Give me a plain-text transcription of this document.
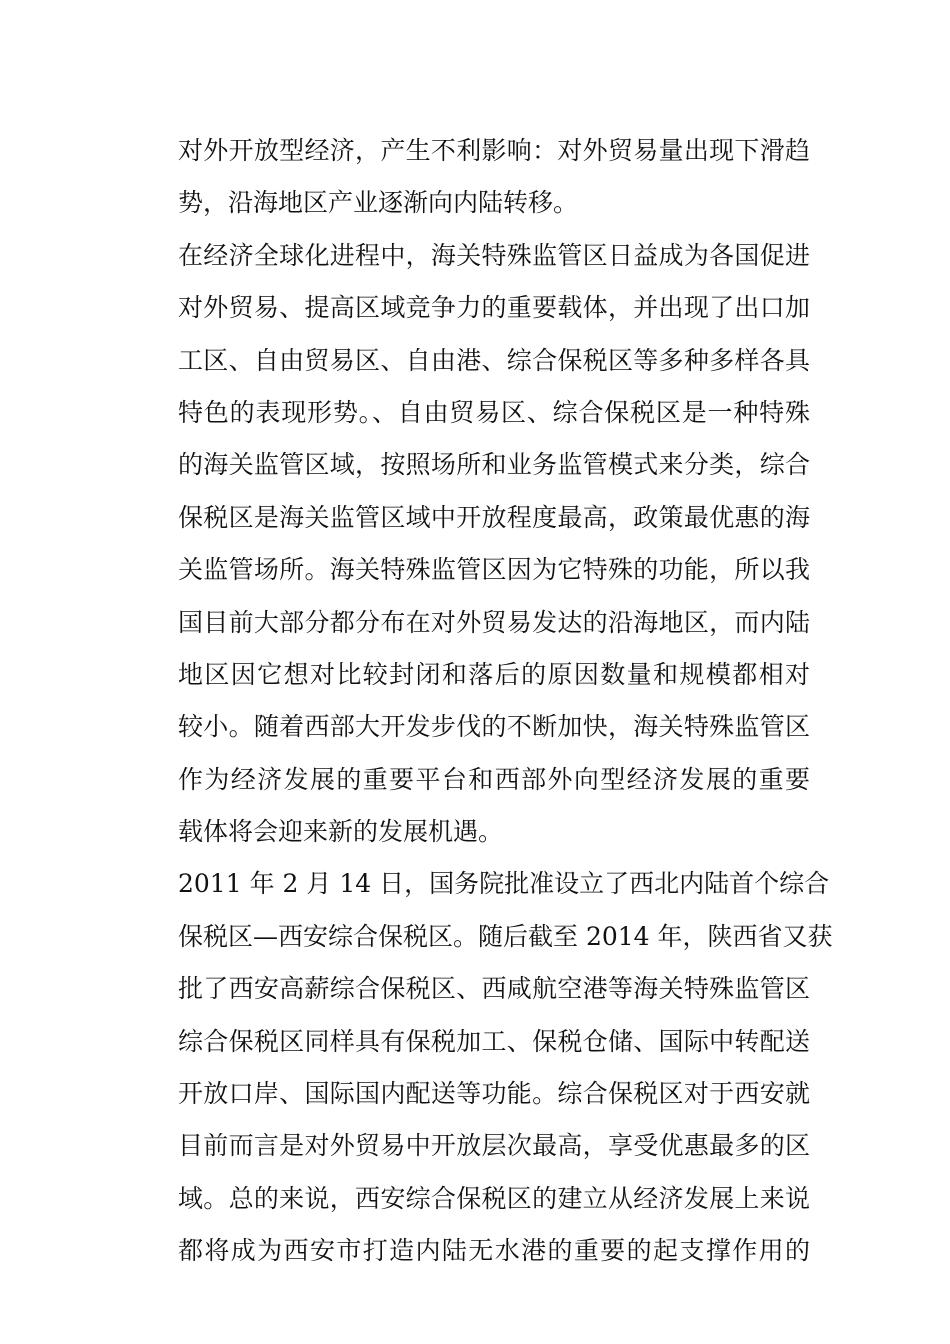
对外开放型经济，产生不利影响：对外贸易量出现下滑趋
势，沿海地区产业逐渐向内陆转移。
在经济全球化进程中，海关特殊监管区日益成为各国促进
对外贸易、提高区域竞争力的重要载体，并出现了出口加
工区、自由贸易区、自由港、综合保税区等多种多样各具
特色的表现形势。、自由贸易区、综合保税区是一种特殊
的海关监管区域，按照场所和业务监管模式来分类，综合
保税区是海关监管区域中开放程度最高，政策最优惠的海
关监管场所。海关特殊监管区因为它特殊的功能，所以我
国目前大部分都分布在对外贸易发达的沿海地区，而内陆
地区因它想对比较封闭和落后的原因数量和规模都相对
较小。随着西部大开发步伐的不断加快，海关特殊监管区
作为经济发展的重要平台和西部外向型经济发展的重要
载体将会迎来新的发展机遇。
2011 年 2 月 14 日，国务院批准设立了西北内陆首个综合
保税区—西安综合保税区。随后截至 2014 年，陕西省又获
批了西安高薪综合保税区、西咸航空港等海关特殊监管区
综合保税区同样具有保税加工、保税仓储、国际中转配送
开放口岸、国际国内配送等功能。综合保税区对于西安就
目前而言是对外贸易中开放层次最高，享受优惠最多的区
域。总的来说，西安综合保税区的建立从经济发展上来说
都将成为西安市打造内陆无水港的重要的起支撑作用的
